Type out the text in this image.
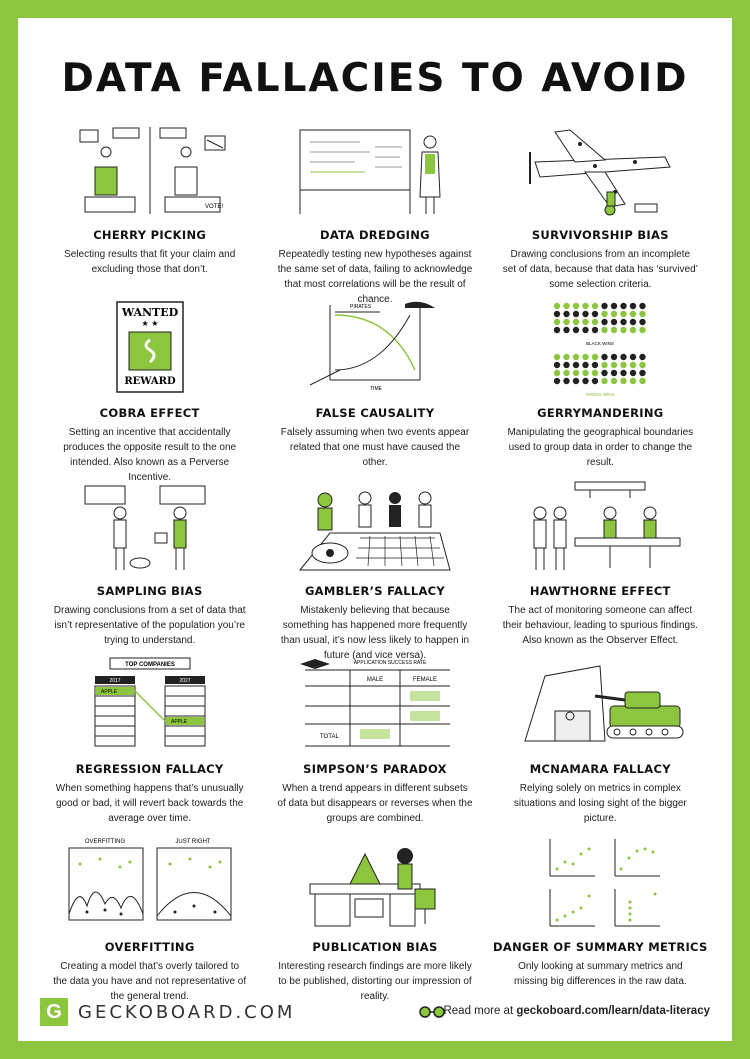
DATA FALLACIES TO AVOID
VOTE!
CHERRY PICKING
Selecting results that fit your claim and excluding those that don’t.
DATA DREDGING
Repeatedly testing new hypotheses against the same set of data, failing to acknowledge that most correlations will be the result of chance.
SURVIVORSHIP BIAS
Drawing conclusions from an incomplete set of data, because that data has ‘survived’ some selection criteria.
WANTED
★ ★
REWARD
COBRA EFFECT
Setting an incentive that accidentally produces the opposite result to the one intended. Also known as a Perverse Incentive.
PIRATES
TIME
FALSE CAUSALITY
Falsely assuming when two events appear related that one must have caused the other.
BLACK WINS
GREEN WINS
GERRYMANDERING
Manipulating the geographical boundaries used to group data in order to change the result.
SAMPLING BIAS
Drawing conclusions from a set of data that isn’t representative of the population you’re trying to understand.
GAMBLER’S FALLACY
Mistakenly believing that because something has happened more frequently than usual, it’s now less likely to happen in future (and vice versa).
HAWTHORNE EFFECT
The act of monitoring someone can affect their behaviour, leading to spurious findings. Also known as the Observer Effect.
TOP COMPANIES
2017	2027
APPLE
APPLE
REGRESSION FALLACY
When something happens that’s unusually good or bad, it will revert back towards the average over time.
APPLICATION SUCCESS RATE
MALE	FEMALE
TOTAL
SIMPSON’S PARADOX
When a trend appears in different subsets of data but disappears or reverses when the groups are combined.
MCNAMARA FALLACY
Relying solely on metrics in complex situations and losing sight of the bigger picture.
OVERFITTING	JUST RIGHT
OVERFITTING
Creating a model that’s overly tailored to the data you have and not representative of the general trend.
PUBLICATION BIAS
Interesting research findings are more likely to be published, distorting our impression of reality.
DANGER OF SUMMARY METRICS
Only looking at summary metrics and missing big differences in the raw data.
G GECKOBOARD.COM	Read more at geckoboard.com/learn/data-literacy
